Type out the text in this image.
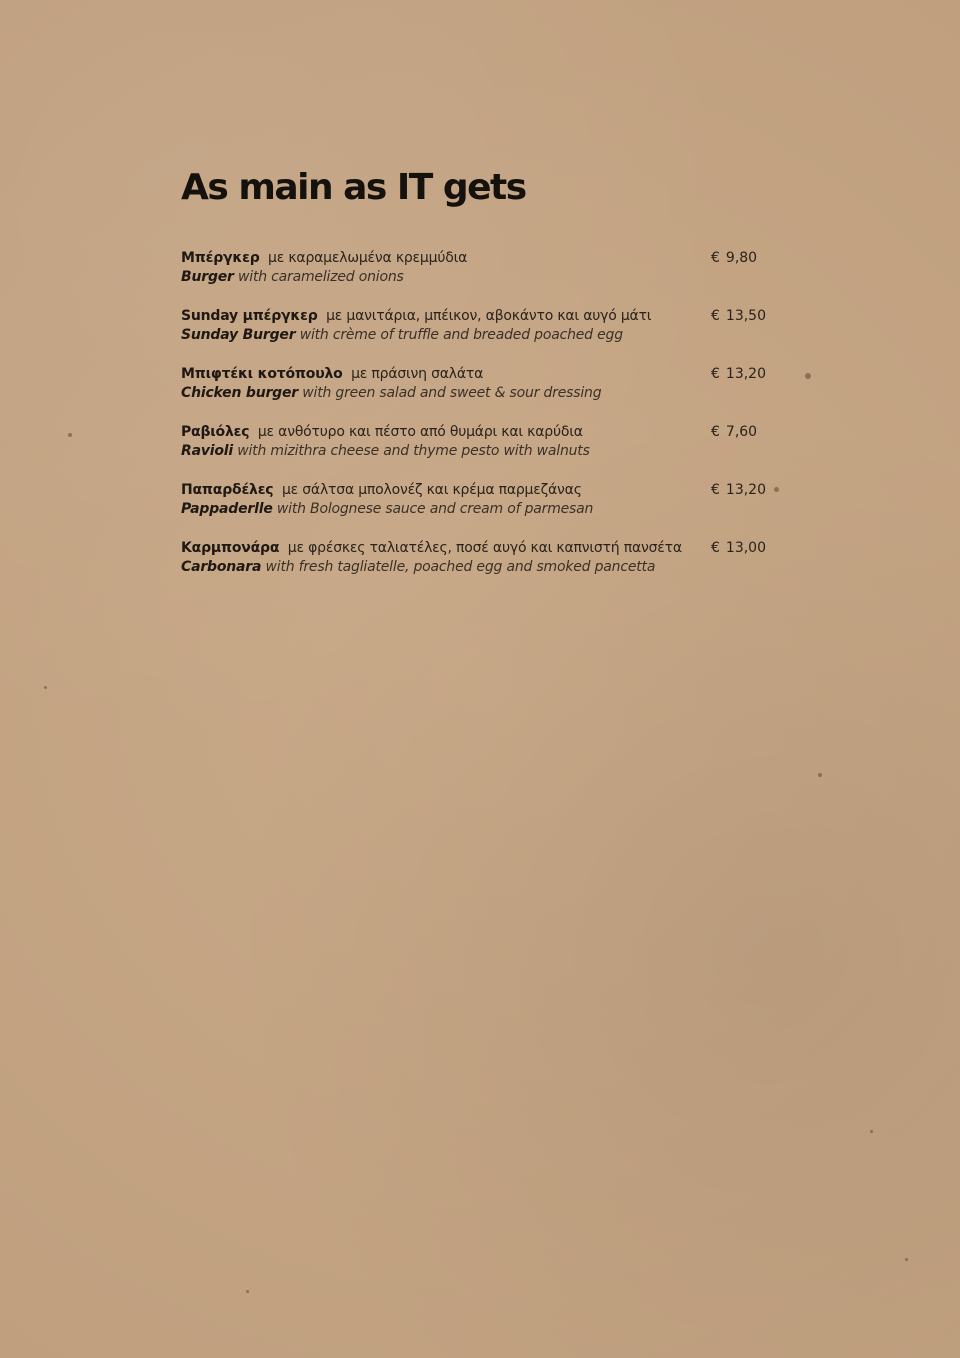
As main as IT gets
Μπέργκερ με καραμελωμένα κρεμμύδια
Burger with caramelized onions
€ 9,80
Sunday μπέργκερ με μανιτάρια, μπέικον, αβοκάντο και αυγό μάτι
Sunday Burger with crème of truffle and breaded poached egg
€ 13,50
Μπιφτέκι κοτόπουλο με πράσινη σαλάτα
Chicken burger with green salad and sweet & sour dressing
€ 13,20
Ραβιόλες με ανθότυρο και πέστο από θυμάρι και καρύδια
Ravioli with mizithra cheese and thyme pesto with walnuts
€ 7,60
Παπαρδέλες με σάλτσα μπολονέζ και κρέμα παρμεζάνας
Pappaderlle with Bolognese sauce and cream of parmesan
€ 13,20
Καρμπονάρα με φρέσκες ταλιατέλες, ποσέ αυγό και καπνιστή πανσέτα
Carbonara with fresh tagliatelle, poached egg and smoked pancetta
€ 13,00
